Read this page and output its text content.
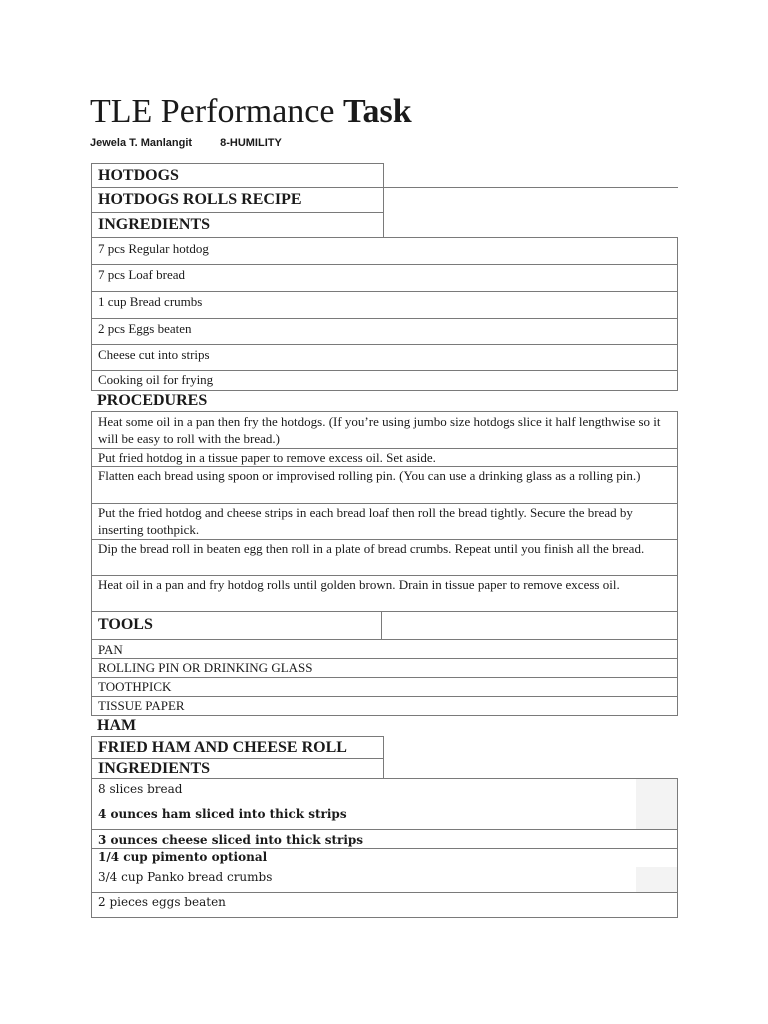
TLE Performance Task
Jewela T. Manlangit	8-HUMILITY
HOTDOGS
HOTDOGS ROLLS RECIPE
INGREDIENTS
7 pcs Regular hotdog
7 pcs Loaf bread
1 cup Bread crumbs
2 pcs Eggs beaten
Cheese cut into strips
Cooking oil for frying
PROCEDURES
Heat some oil in a pan then fry the hotdogs. (If you’re using jumbo size hotdogs slice it half lengthwise so it will be easy to roll with the bread.)
Put fried hotdog in a tissue paper to remove excess oil. Set aside.
Flatten each bread using spoon or improvised rolling pin. (You can use a drinking glass as a rolling pin.)
Put the fried hotdog and cheese strips in each bread loaf then roll the bread tightly. Secure the bread by inserting toothpick.
Dip the bread roll in beaten egg then roll in a plate of bread crumbs. Repeat until you finish all the bread.
Heat oil in a pan and fry hotdog rolls until golden brown. Drain in tissue paper to remove excess oil.
TOOLS
PAN
ROLLING PIN OR DRINKING GLASS
TOOTHPICK
TISSUE PAPER
HAM
FRIED HAM AND CHEESE ROLL
INGREDIENTS
8 slices bread
4 ounces ham sliced into thick strips
3 ounces cheese sliced into thick strips
1/4 cup pimento optional
3/4 cup Panko bread crumbs
2 pieces eggs beaten
